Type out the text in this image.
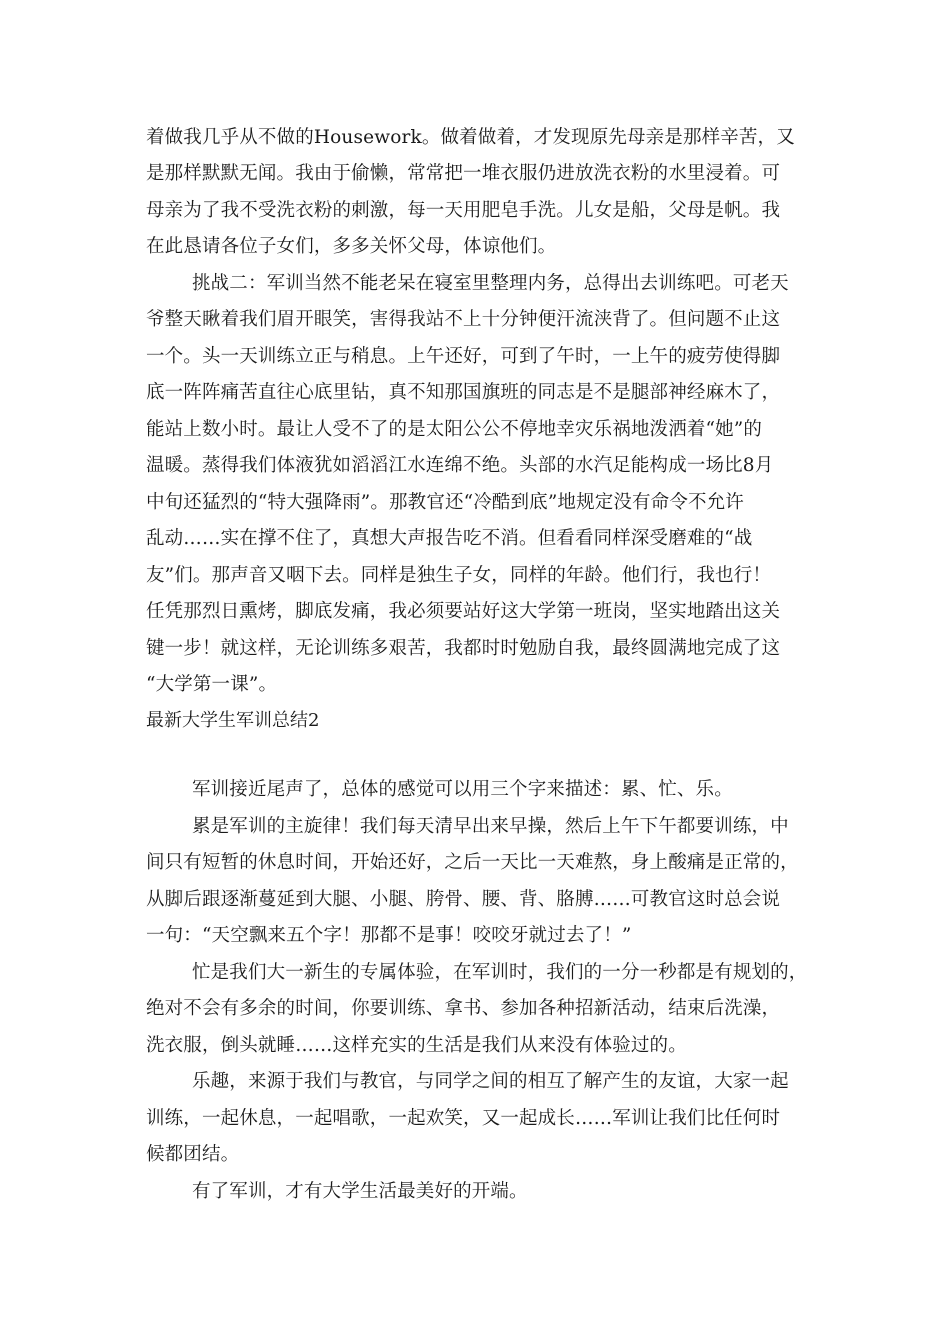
着做我几乎从不做的Housework。做着做着，才发现原先母亲是那样辛苦，又
是那样默默无闻。我由于偷懒，常常把一堆衣服仍进放洗衣粉的水里浸着。可
母亲为了我不受洗衣粉的刺激，每一天用肥皂手洗。儿女是船，父母是帆。我
在此恳请各位子女们，多多关怀父母，体谅他们。
挑战二：军训当然不能老呆在寝室里整理内务，总得出去训练吧。可老天
爷整天瞅着我们眉开眼笑，害得我站不上十分钟便汗流浃背了。但问题不止这
一个。头一天训练立正与稍息。上午还好，可到了午时，一上午的疲劳使得脚
底一阵阵痛苦直往心底里钻，真不知那国旗班的同志是不是腿部神经麻木了，
能站上数小时。最让人受不了的是太阳公公不停地幸灾乐祸地泼洒着“她”的
温暖。蒸得我们体液犹如滔滔江水连绵不绝。头部的水汽足能构成一场比8月
中旬还猛烈的“特大强降雨”。那教官还“冷酷到底”地规定没有命令不允许
乱动……实在撑不住了，真想大声报告吃不消。但看看同样深受磨难的“战
友”们。那声音又咽下去。同样是独生子女，同样的年龄。他们行，我也行！
任凭那烈日熏烤，脚底发痛，我必须要站好这大学第一班岗，坚实地踏出这关
键一步！就这样，无论训练多艰苦，我都时时勉励自我，最终圆满地完成了这
“大学第一课”。
最新大学生军训总结2
军训接近尾声了，总体的感觉可以用三个字来描述：累、忙、乐。
累是军训的主旋律！我们每天清早出来早操，然后上午下午都要训练，中
间只有短暂的休息时间，开始还好，之后一天比一天难熬，身上酸痛是正常的，
从脚后跟逐渐蔓延到大腿、小腿、胯骨、腰、背、胳膊……可教官这时总会说
一句：“天空飘来五个字！那都不是事！咬咬牙就过去了！”
忙是我们大一新生的专属体验，在军训时，我们的一分一秒都是有规划的，
绝对不会有多余的时间，你要训练、拿书、参加各种招新活动，结束后洗澡，
洗衣服，倒头就睡……这样充实的生活是我们从来没有体验过的。
乐趣，来源于我们与教官，与同学之间的相互了解产生的友谊，大家一起
训练，一起休息，一起唱歌，一起欢笑，又一起成长……军训让我们比任何时
候都团结。
有了军训，才有大学生活最美好的开端。
